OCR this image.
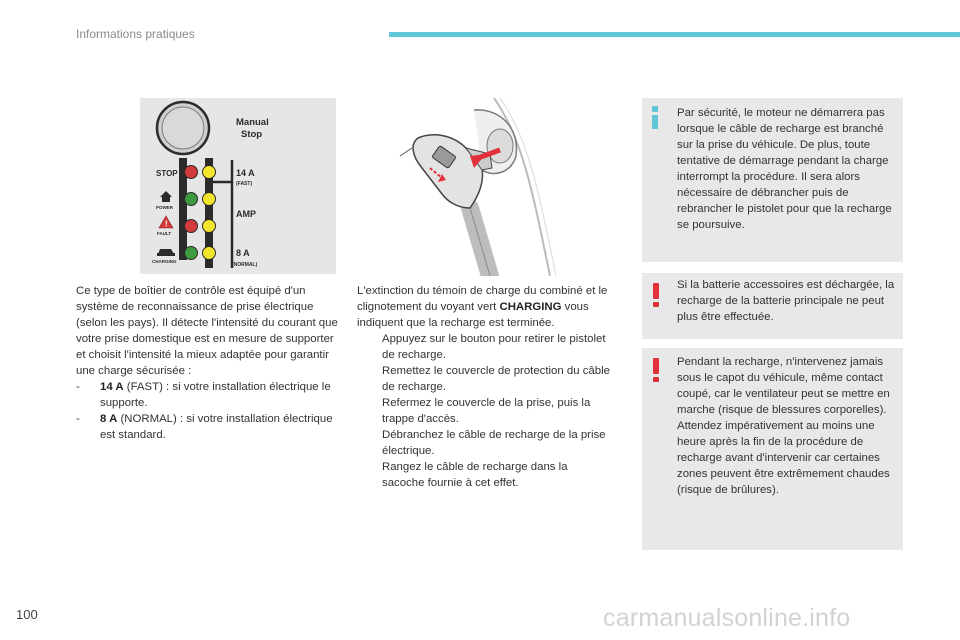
Informations pratiques
Manual
Stop
STOP
POWER
!
FAULT
CHARGING
14 A
(FAST)
AMP
8 A
(NORMAL)
Ce type de boîtier de contrôle est équipé d'un système de reconnaissance de prise électrique (selon les pays). Il détecte l'intensité du courant que votre prise domestique est en mesure de supporter et choisit l'intensité la mieux adaptée pour garantir une charge sécurisée :
- 14 A (FAST) : si votre installation électrique le supporte.
- 8 A (NORMAL) : si votre installation électrique est standard.
L'extinction du témoin de charge du combiné et le clignotement du voyant vert CHARGING vous indiquent que la recharge est terminée.
Appuyez sur le bouton pour retirer le pistolet de recharge.
Remettez le couvercle de protection du câble de recharge.
Refermez le couvercle de la prise, puis la trappe d'accès.
Débranchez le câble de recharge de la prise électrique.
Rangez le câble de recharge dans la sacoche fournie à cet effet.
Par sécurité, le moteur ne démarrera pas lorsque le câble de recharge est branché sur la prise du véhicule. De plus, toute tentative de démarrage pendant la charge interrompt la procédure. Il sera alors nécessaire de débrancher puis de rebrancher le pistolet pour que la recharge se poursuive.
Si la batterie accessoires est déchargée, la recharge de la batterie principale ne peut plus être effectuée.
Pendant la recharge, n'intervenez jamais sous le capot du véhicule, même contact coupé, car le ventilateur peut se mettre en marche (risque de blessures corporelles). Attendez impérativement au moins une heure après la fin de la procédure de recharge avant d'intervenir car certaines zones peuvent être extrêmement chaudes (risque de brûlures).
100	carmanualsonline.info
